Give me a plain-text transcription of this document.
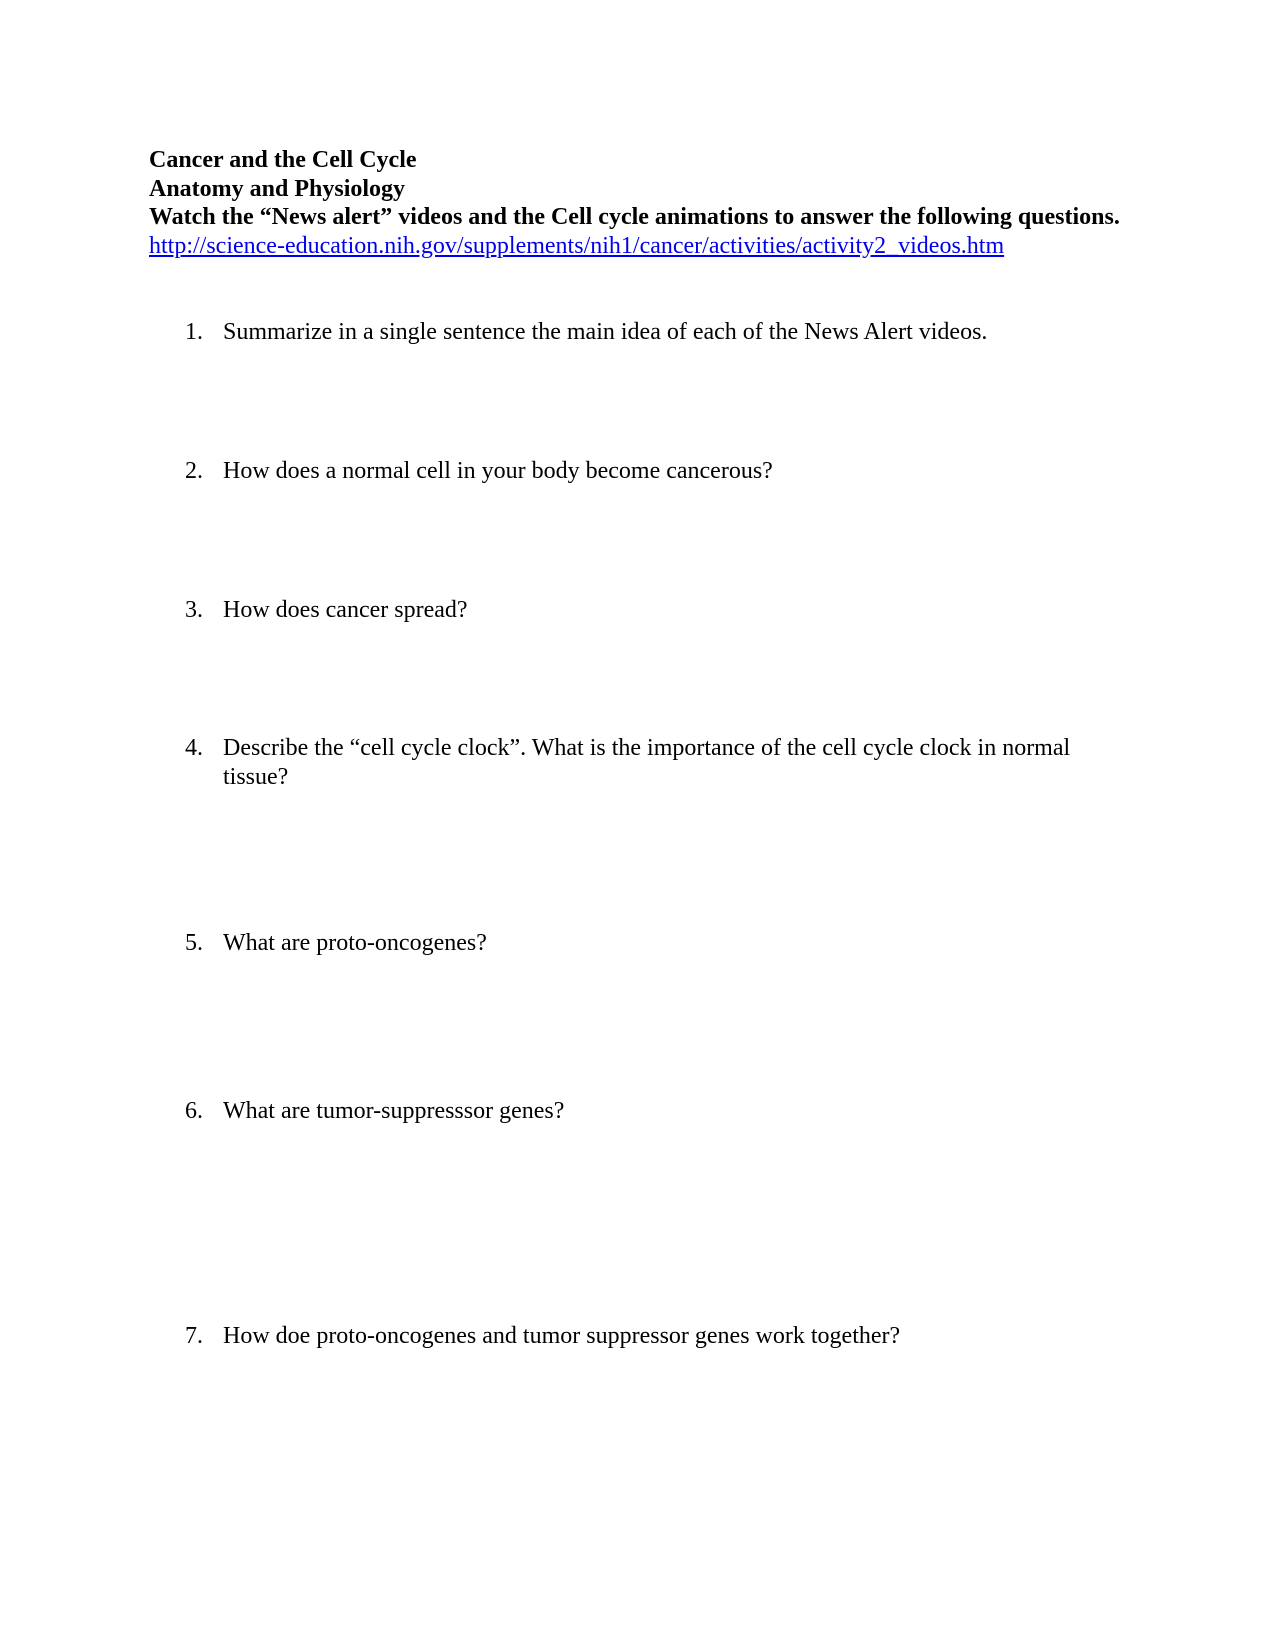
Cancer and the Cell Cycle

Anatomy and Physiology

Watch the “News alert” videos and the Cell cycle animations to answer the following questions.

http://science-education.nih.gov/supplements/nih1/cancer/activities/activity2_videos.htm
1. Summarize in a single sentence the main idea of each of the News Alert videos.
2. How does a normal cell in your body become cancerous?
3. How does cancer spread?
4. Describe the “cell cycle clock”. What is the importance of the cell cycle clock in normal tissue?
5. What are proto-oncogenes?
6. What are tumor-suppresssor genes?
7. How doe proto-oncogenes and tumor suppressor genes work together?
